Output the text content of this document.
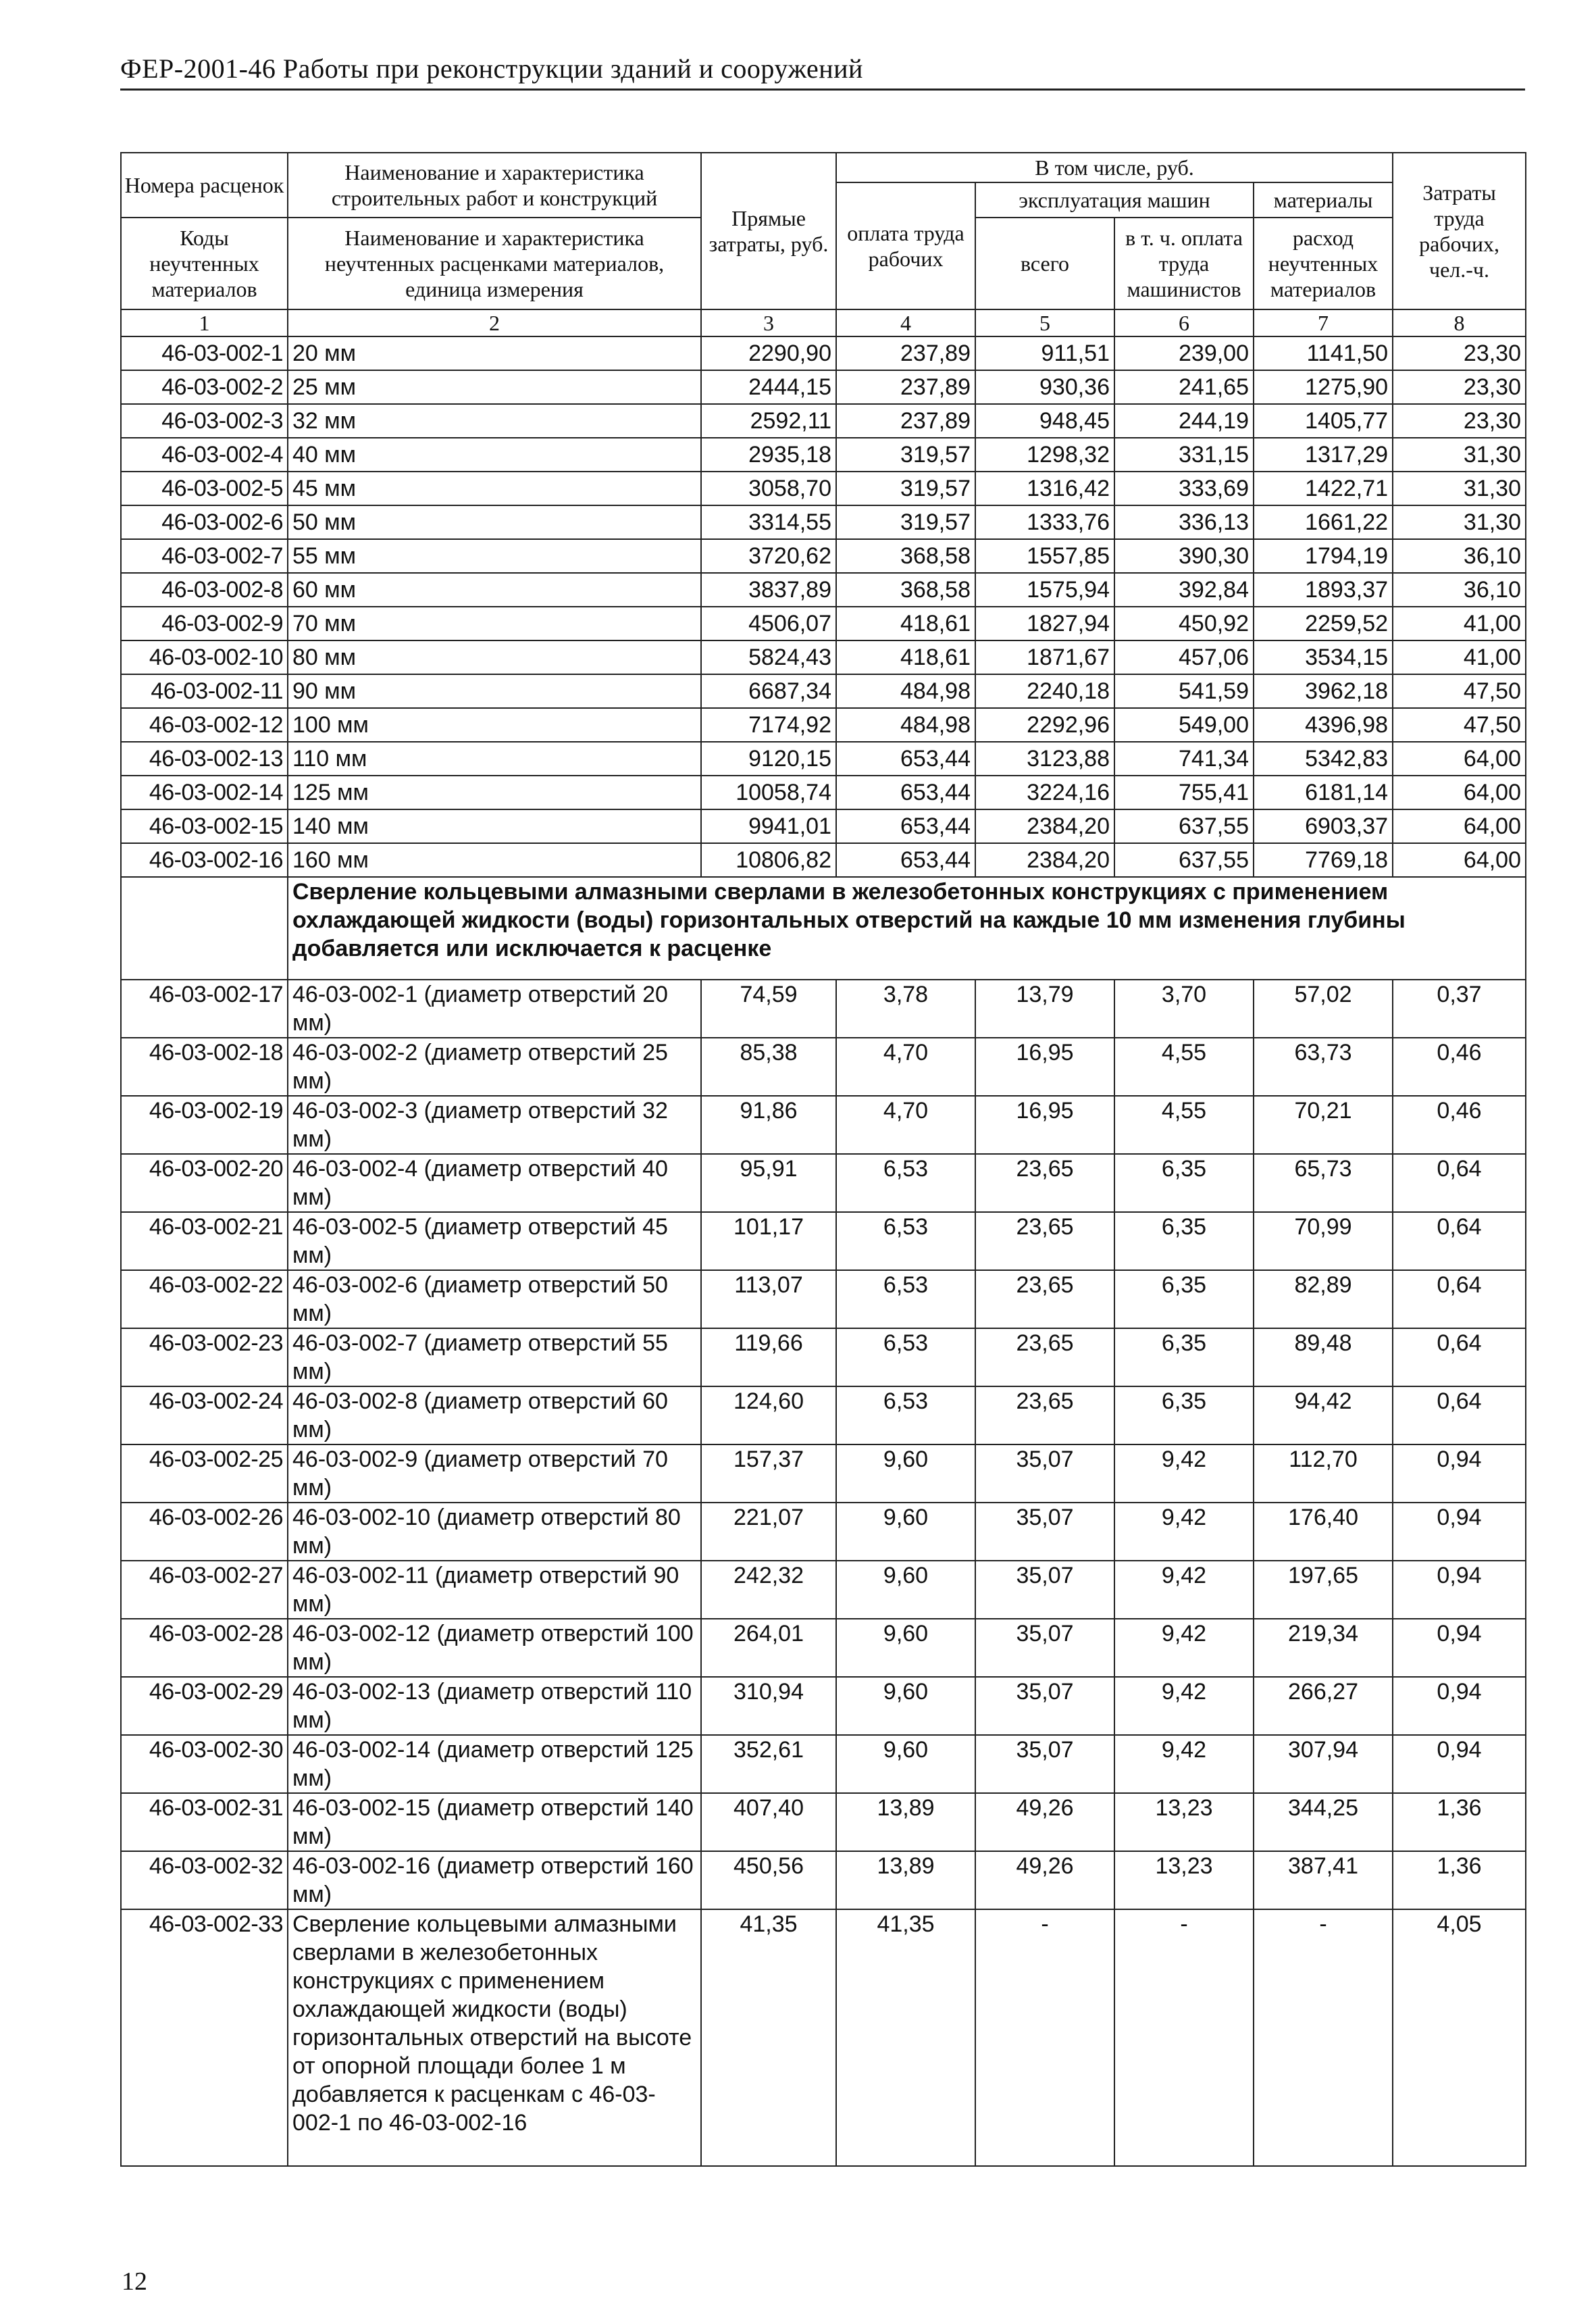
ФЕР-2001-46 Работы при реконструкции зданий и сооружений
Номера расценок	Наименование и характеристика строительных работ и конструкций	Прямые затраты, руб.	В том числе, руб.				Затраты труда рабочих, чел.-ч.
			оплата труда рабочих	эксплуатация машин		материалы	
Коды неучтенных материалов	Наименование и характеристика неучтенных расценками материалов, единица измерения			всего	в т. ч. оплата труда машинистов	расход неучтенных материалов	

1	2	3	4	5	6	7	8
46-03-002-1	20 мм	2290,90	237,89	911,51	239,00	1141,50	23,30
46-03-002-2	25 мм	2444,15	237,89	930,36	241,65	1275,90	23,30
46-03-002-3	32 мм	2592,11	237,89	948,45	244,19	1405,77	23,30
46-03-002-4	40 мм	2935,18	319,57	1298,32	331,15	1317,29	31,30
46-03-002-5	45 мм	3058,70	319,57	1316,42	333,69	1422,71	31,30
46-03-002-6	50 мм	3314,55	319,57	1333,76	336,13	1661,22	31,30
46-03-002-7	55 мм	3720,62	368,58	1557,85	390,30	1794,19	36,10
46-03-002-8	60 мм	3837,89	368,58	1575,94	392,84	1893,37	36,10
46-03-002-9	70 мм	4506,07	418,61	1827,94	450,92	2259,52	41,00
46-03-002-10	80 мм	5824,43	418,61	1871,67	457,06	3534,15	41,00
46-03-002-11	90 мм	6687,34	484,98	2240,18	541,59	3962,18	47,50
46-03-002-12	100 мм	7174,92	484,98	2292,96	549,00	4396,98	47,50
46-03-002-13	110 мм	9120,15	653,44	3123,88	741,34	5342,83	64,00
46-03-002-14	125 мм	10058,74	653,44	3224,16	755,41	6181,14	64,00
46-03-002-15	140 мм	9941,01	653,44	2384,20	637,55	6903,37	64,00
46-03-002-16	160 мм	10806,82	653,44	2384,20	637,55	7769,18	64,00
	Сверление кольцевыми алмазными сверлами в железобетонных конструкциях с применением охлаждающей жидкости (воды) горизонтальных отверстий на каждые 10 мм изменения глубины добавляется или исключается к расценке						
46-03-002-17	46-03-002-1 (диаметр отверстий 20 мм)	74,59	3,78	13,79	3,70	57,02	0,37
46-03-002-18	46-03-002-2 (диаметр отверстий 25 мм)	85,38	4,70	16,95	4,55	63,73	0,46
46-03-002-19	46-03-002-3 (диаметр отверстий 32 мм)	91,86	4,70	16,95	4,55	70,21	0,46
46-03-002-20	46-03-002-4 (диаметр отверстий 40 мм)	95,91	6,53	23,65	6,35	65,73	0,64
46-03-002-21	46-03-002-5 (диаметр отверстий 45 мм)	101,17	6,53	23,65	6,35	70,99	0,64
46-03-002-22	46-03-002-6 (диаметр отверстий 50 мм)	113,07	6,53	23,65	6,35	82,89	0,64
46-03-002-23	46-03-002-7 (диаметр отверстий 55 мм)	119,66	6,53	23,65	6,35	89,48	0,64
46-03-002-24	46-03-002-8 (диаметр отверстий 60 мм)	124,60	6,53	23,65	6,35	94,42	0,64
46-03-002-25	46-03-002-9 (диаметр отверстий 70 мм)	157,37	9,60	35,07	9,42	112,70	0,94
46-03-002-26	46-03-002-10 (диаметр отверстий 80 мм)	221,07	9,60	35,07	9,42	176,40	0,94
46-03-002-27	46-03-002-11 (диаметр отверстий 90 мм)	242,32	9,60	35,07	9,42	197,65	0,94
46-03-002-28	46-03-002-12 (диаметр отверстий 100 мм)	264,01	9,60	35,07	9,42	219,34	0,94
46-03-002-29	46-03-002-13 (диаметр отверстий 110 мм)	310,94	9,60	35,07	9,42	266,27	0,94
46-03-002-30	46-03-002-14 (диаметр отверстий 125 мм)	352,61	9,60	35,07	9,42	307,94	0,94
46-03-002-31	46-03-002-15 (диаметр отверстий 140 мм)	407,40	13,89	49,26	13,23	344,25	1,36
46-03-002-32	46-03-002-16 (диаметр отверстий 160 мм)	450,56	13,89	49,26	13,23	387,41	1,36
46-03-002-33	Сверление кольцевыми алмазными сверлами в железобетонных конструкциях с применением охлаждающей жидкости (воды) горизонтальных отверстий на высоте от опорной площади более 1 м добавляется к расценкам с 46-03-002-1 по 46-03-002-16	41,35	41,35	-	-	-	4,05
12
